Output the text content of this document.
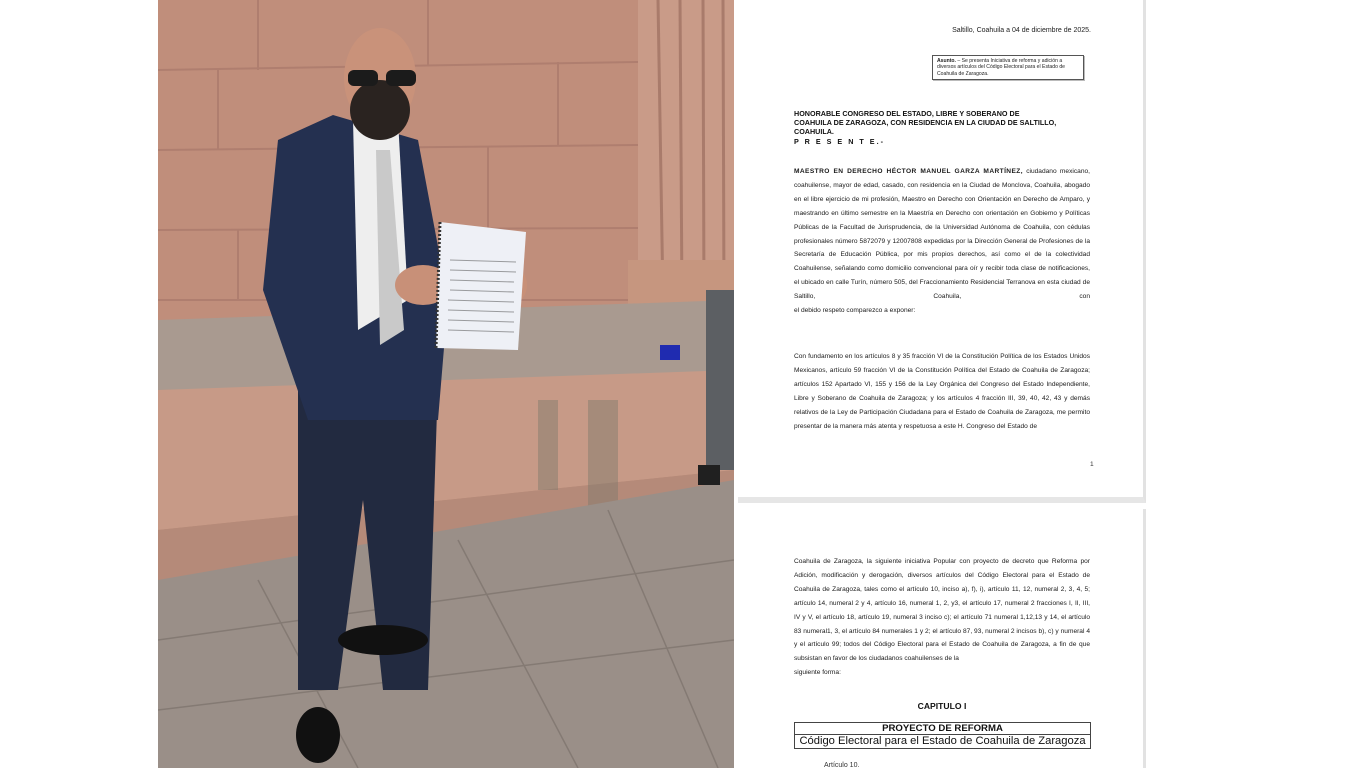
Saltillo, Coahuila a 04 de diciembre de 2025.
Asunto. – Se presenta Iniciativa de reforma y adición a diversos artículos del Código Electoral para el Estado de Coahuila de Zaragoza.
HONORABLE CONGRESO DEL ESTADO, LIBRE Y SOBERANO DE
COAHUILA DE ZARAGOZA, CON RESIDENCIA EN LA CIUDAD DE SALTILLO,
COAHUILA.
P R E S E N T E.-
MAESTRO EN DERECHO HÉCTOR MANUEL GARZA MARTÍNEZ, ciudadano mexicano, coahuilense, mayor de edad, casado, con residencia en la Ciudad de Monclova, Coahuila, abogado en el libre ejercicio de mi profesión, Maestro en Derecho con Orientación en Derecho de Amparo, y maestrando en último semestre en la Maestría en Derecho con orientación en Gobiemo y Políticas Públicas de la Facultad de Jurisprudencia, de la Universidad Autónoma de Coahuila, con cédulas profesionales número 5872079 y 12007808 expedidas por la Dirección General de Profesiones de la Secretaría de Educación Pública, por mis propios derechos, así como el de la colectividad Coahuilense, señalando como domicilio convencional para oír y recibir toda clase de notificaciones, el ubicado en calle Turín, número 505, del Fraccionamiento Residencial Terranova en esta ciudad de Saltillo, Coahuila, con
el debido respeto comparezco a exponer:
Con fundamento en los artículos 8 y 35 fracción VI de la Constitución Política de los Estados Unidos Mexicanos, artículo 59 fracción VI de la Constitución Política del Estado de Coahuila de Zaragoza; artículos 152 Apartado VI, 155 y 156 de la Ley Orgánica del Congreso del Estado Independiente, Libre y Soberano de Coahuila de Zaragoza; y los artículos 4 fracción III, 39, 40, 42, 43 y demás relativos de la Ley de Participación Ciudadana para el Estado de Coahuila de Zaragoza, me permito presentar de la manera más atenta y respetuosa a este H. Congreso del Estado de
1
Coahuila de Zaragoza, la siguiente iniciativa Popular con proyecto de decreto que Reforma por Adición, modificación y derogación, diversos artículos del Código Electoral para el Estado de Coahuila de Zaragoza, tales como el artículo 10, inciso a), f), i), artículo 11, 12, numeral 2, 3, 4, 5; artículo 14, numeral 2 y 4, artículo 16, numeral 1, 2, y3, el artículo 17, numeral 2 fracciones I, II, III, IV y V, el artículo 18, artículo 19, numeral 3 inciso c); el artículo 71 numeral 1,12,13 y 14, el artículo 83 numeral1, 3, el artículo 84 numerales 1 y 2; el artículo 87, 93, numeral 2 incisos b), c) y numeral 4 y el artículo 99; todos del Código Electoral para el Estado de Coahuila de Zaragoza, a fin de que subsistan en favor de los ciudadanos coahuilenses de la
siguiente forma:
CAPITULO I
PROYECTO DE REFORMA
Código Electoral para el Estado de Coahuila de Zaragoza
Artículo 10.
